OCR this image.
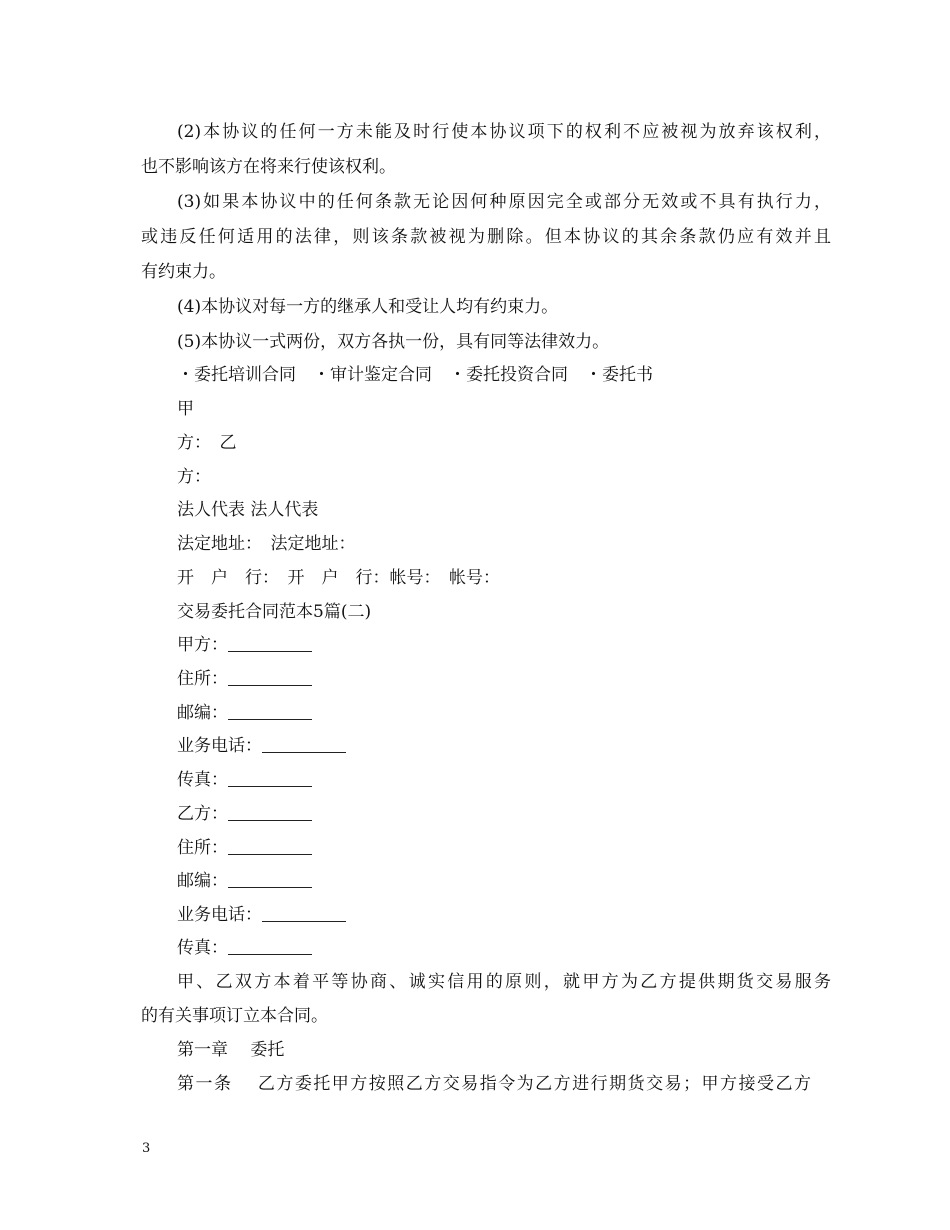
(2)本协议的任何一方未能及时行使本协议项下的权利不应被视为放弃该权利，
也不影响该方在将来行使该权利。
(3)如果本协议中的任何条款无论因何种原因完全或部分无效或不具有执行力，
或违反任何适用的法律，则该条款被视为删除。但本协议的其余条款仍应有效并且
有约束力。
(4)本协议对每一方的继承人和受让人均有约束力。
(5)本协议一式两份，双方各执一份，具有同等法律效力。
・委托培训合同　・审计鉴定合同　・委托投资合同　・委托书
甲
方：　乙
方：
法人代表 法人代表
法定地址：　法定地址：
开　户　行：　开　户　行：帐号：　帐号：
交易委托合同范本5篇(二)
甲方：
住所：
邮编：
业务电话：
传真：
乙方：
住所：
邮编：
业务电话：
传真：
甲、乙双方本着平等协商、诚实信用的原则，就甲方为乙方提供期货交易服务
的有关事项订立本合同。
第一章　 委托
第一条　 乙方委托甲方按照乙方交易指令为乙方进行期货交易；甲方接受乙方
3
